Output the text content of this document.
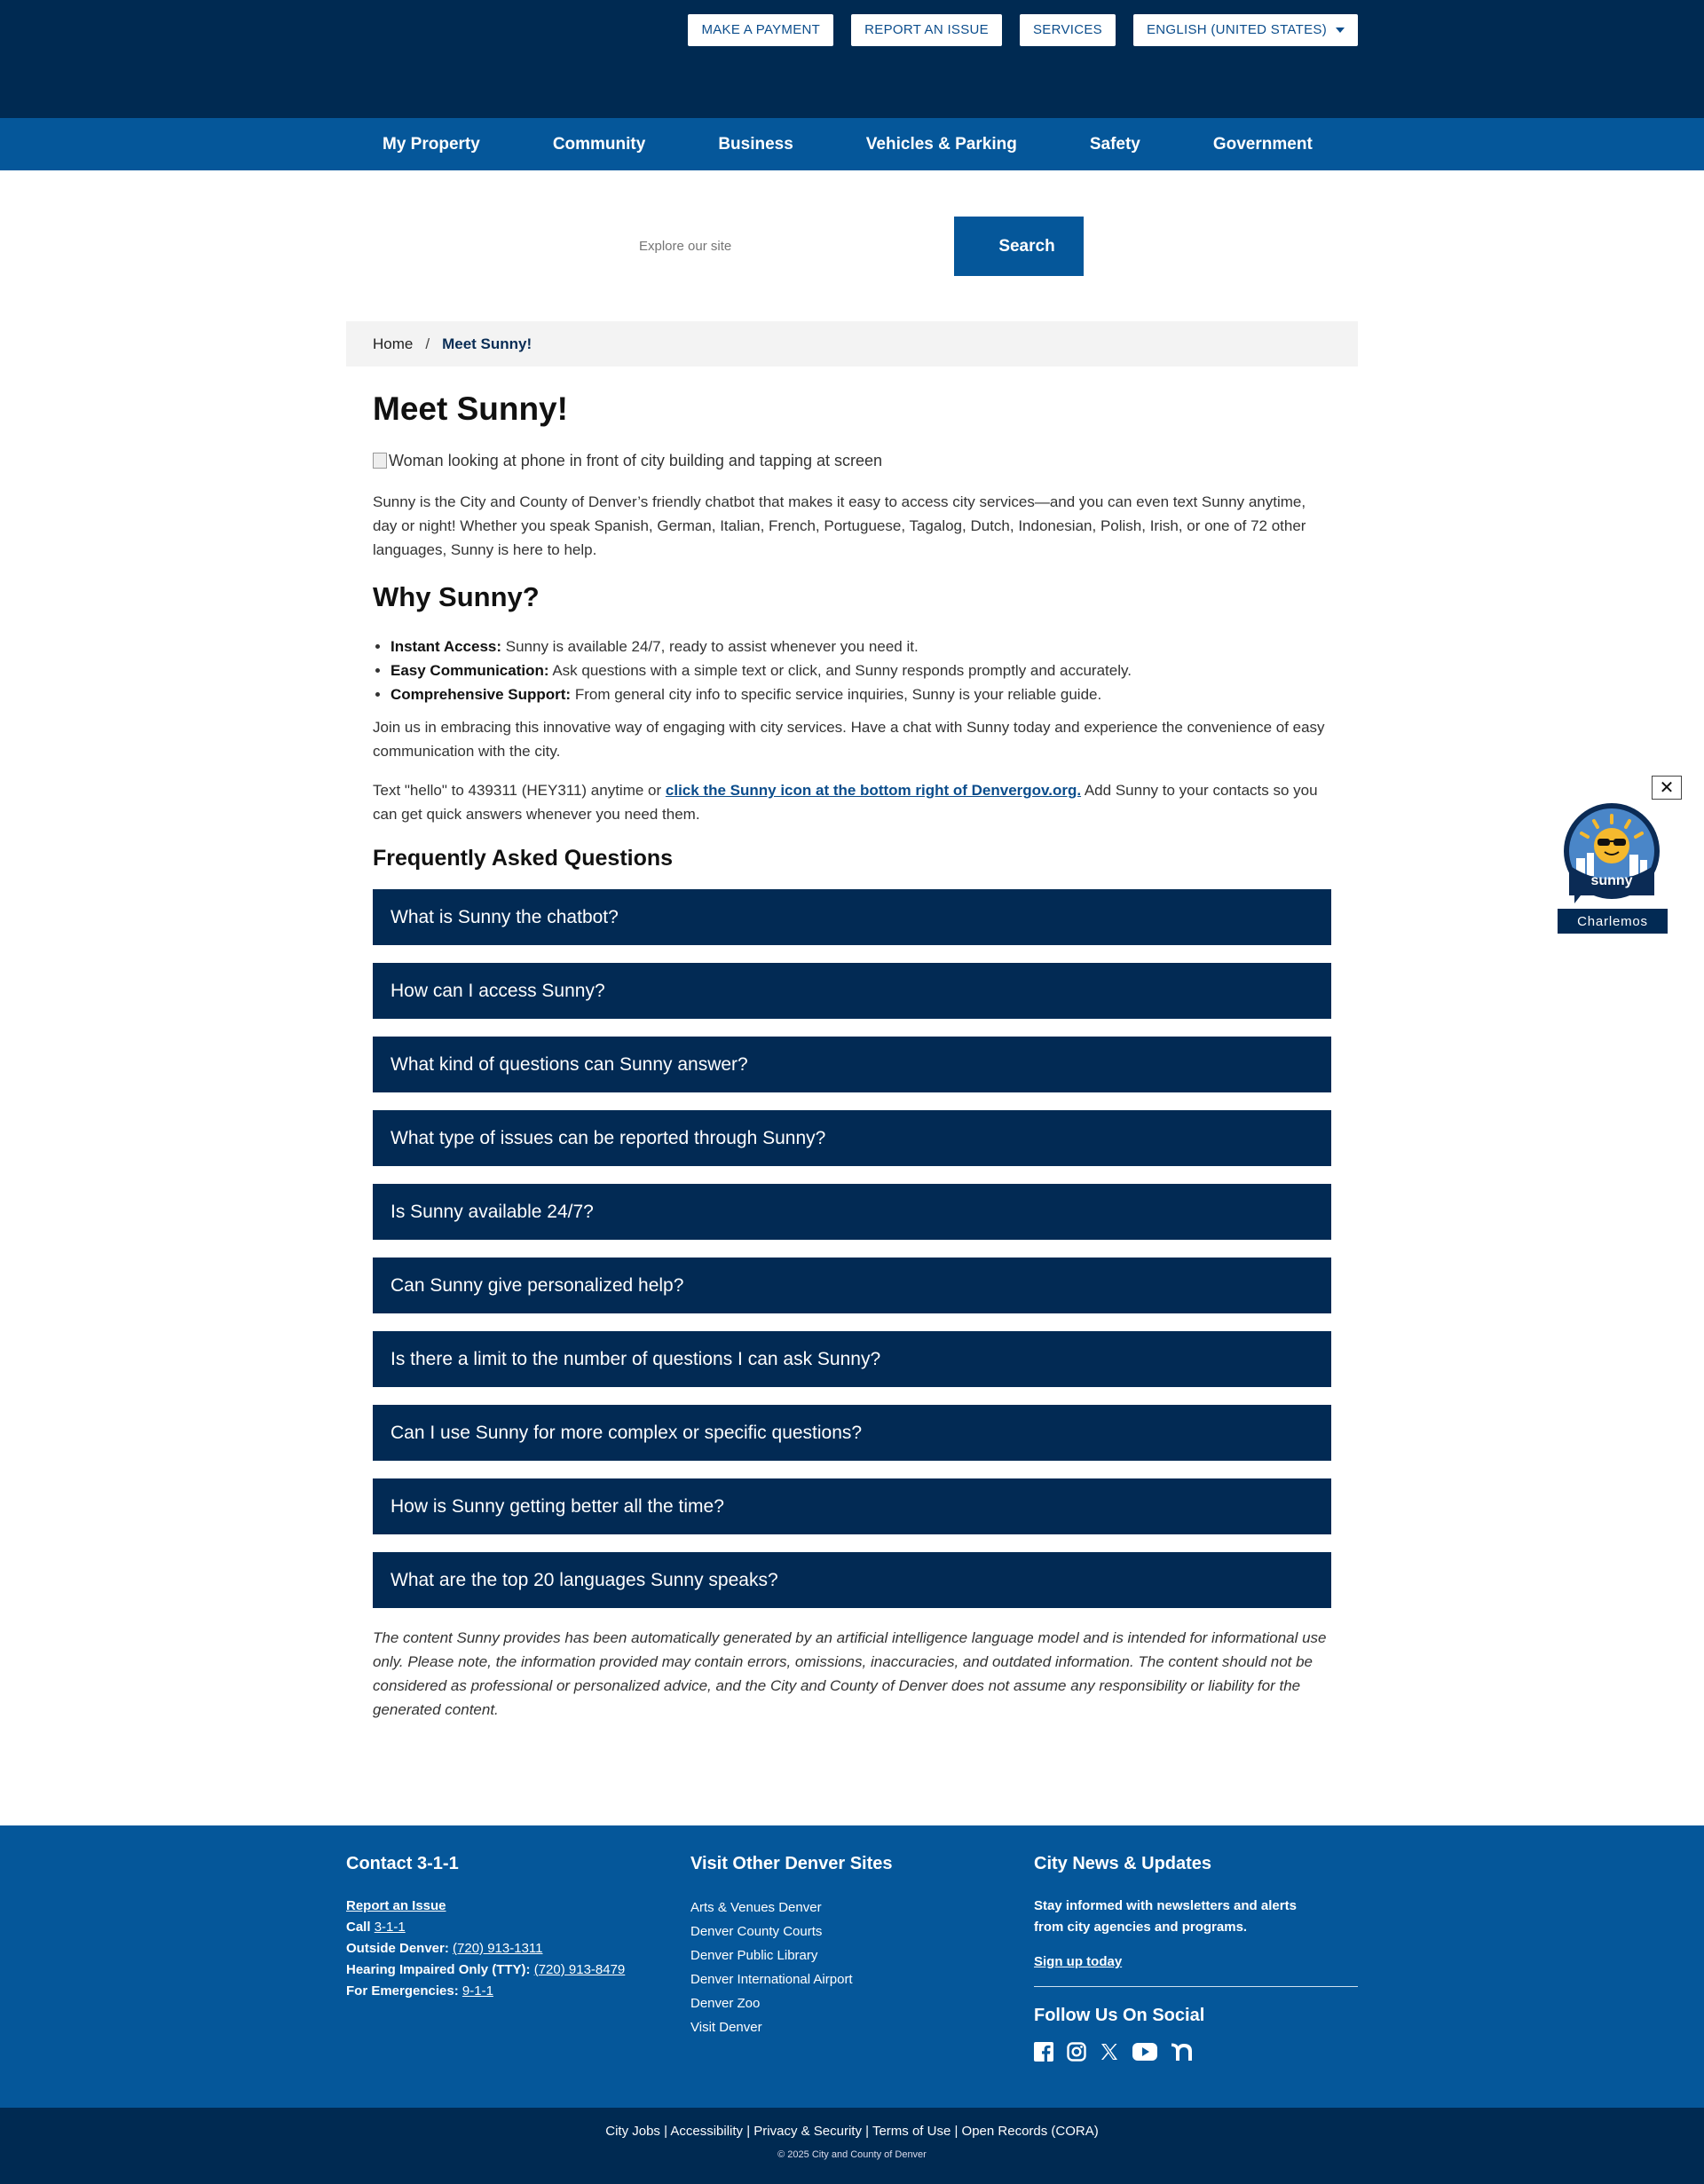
MAKE A PAYMENT	REPORT AN ISSUE	SERVICES	ENGLISH (UNITED STATES)
My Property	Community	Business	Vehicles & Parking	Safety	Government
Explore our site
Search
Home / Meet Sunny!
Meet Sunny!
Woman looking at phone in front of city building and tapping at screen

Sunny is the City and County of Denver’s friendly chatbot that makes it easy to access city services—and you can even text Sunny anytime, day or night! Whether you speak Spanish, German, Italian, French, Portuguese, Tagalog, Dutch, Indonesian, Polish, Irish, or one of 72 other languages, Sunny is here to help.

Why Sunny?
• Instant Access: Sunny is available 24/7, ready to assist whenever you need it.
• Easy Communication: Ask questions with a simple text or click, and Sunny responds promptly and accurately.
• Comprehensive Support: From general city info to specific service inquiries, Sunny is your reliable guide.

Join us in embracing this innovative way of engaging with city services. Have a chat with Sunny today and experience the convenience of easy communication with the city.

Text "hello" to 439311 (HEY311) anytime or click the Sunny icon at the bottom right of Denvergov.org. Add Sunny to your contacts so you can get quick answers whenever you need them.

Frequently Asked Questions
What is Sunny the chatbot?
How can I access Sunny?
What kind of questions can Sunny answer?
What type of issues can be reported through Sunny?
Is Sunny available 24/7?
Can Sunny give personalized help?
Is there a limit to the number of questions I can ask Sunny?
Can I use Sunny for more complex or specific questions?
How is Sunny getting better all the time?
What are the top 20 languages Sunny speaks?

The content Sunny provides has been automatically generated by an artificial intelligence language model and is intended for informational use only. Please note, the information provided may contain errors, omissions, inaccuracies, and outdated information. The content should not be considered as professional or personalized advice, and the City and County of Denver does not assume any responsibility or liability for the generated content.

✕
sunny
Charlemos
Contact 3-1-1
Report an Issue
Call 3-1-1
Outside Denver: (720) 913-1311
Hearing Impaired Only (TTY): (720) 913-8479
For Emergencies: 9-1-1
Visit Other Denver Sites
Arts & Venues Denver
Denver County Courts
Denver Public Library
Denver International Airport
Denver Zoo
Visit Denver
City News & Updates
Stay informed with newsletters and alerts from city agencies and programs.
Sign up today
Follow Us On Social
City Jobs | Accessibility | Privacy & Security | Terms of Use | Open Records (CORA)
© 2025 City and County of Denver
